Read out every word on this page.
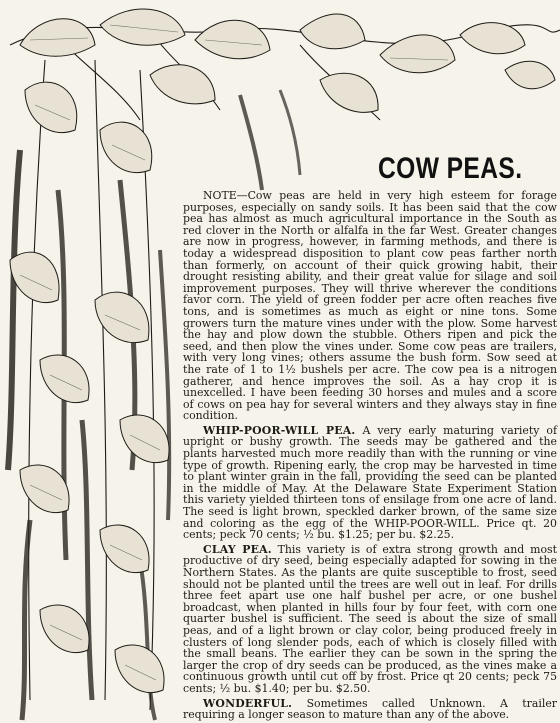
COW PEAS.

NOTE—Cow peas are held in very high esteem for forage purposes, especially on sandy soils. It has been said that the cow pea has almost as much agricultural importance in the South as red clover in the North or alfalfa in the far West. Greater changes are now in progress, however, in farming methods, and there is today a widespread disposition to plant cow peas farther north than formerly, on account of their quick growing habit, their drought resisting ability, and their great value for silage and soil improvement purposes. They will thrive wherever the conditions favor corn. The yield of green fodder per acre often reaches five tons, and is sometimes as much as eight or nine tons. Some growers turn the mature vines under with the plow. Some harvest the hay and plow down the stubble. Others ripen and pick the seed, and then plow the vines under. Some cow peas are trailers, with very long vines; others assume the bush form. Sow seed at the rate of 1 to 1½ bushels per acre. The cow pea is a nitrogen gatherer, and hence improves the soil. As a hay crop it is unexcelled. I have been feeding 30 horses and mules and a score of cows on pea hay for several winters and they always stay in fine condition.

WHIP-POOR-WILL PEA. A very early maturing variety of upright or bushy growth. The seeds may be gathered and the plants harvested much more readily than with the running or vine type of growth. Ripening early, the crop may be harvested in time to plant winter grain in the fall, providing the seed can be planted in the middle of May. At the Delaware State Experiment Station this variety yielded thirteen tons of ensilage from one acre of land. The seed is light brown, speckled darker brown, of the same size and coloring as the egg of the WHIP-POOR-WILL. Price qt. 20 cents; peck 70 cents; ½ bu. $1.25; per bu. $2.25.

CLAY PEA. This variety is of extra strong growth and most productive of dry seed, being especially adapted for sowing in the Northern States. As the plants are quite susceptible to frost, seed should not be planted until the trees are well out in leaf. For drills three feet apart use one half bushel per acre, or one bushel broadcast, when planted in hills four by four feet, with corn one quarter bushel is sufficient. The seed is about the size of small peas, and of a light brown or clay color, being produced freely in clusters of long slender pods, each of which is closely filled with the small beans. The earlier they can be sown in the spring the larger the crop of dry seeds can be produced, as the vines make a continuous growth until cut off by frost. Price qt 20 cents; peck 75 cents; ½ bu. $1.40; per bu. $2.50.

WONDERFUL. Sometimes called Unknown. A trailer requiring a longer season to mature than any of the above.
